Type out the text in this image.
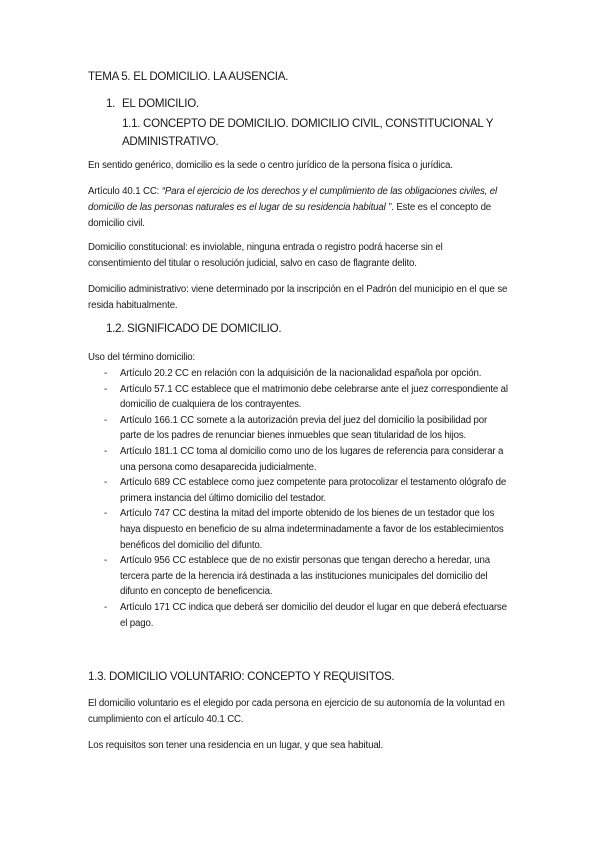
TEMA 5. EL DOMICILIO. LA AUSENCIA.

1. EL DOMICILIO.

1.1. CONCEPTO DE DOMICILIO. DOMICILIO CIVIL, CONSTITUCIONAL Y ADMINISTRATIVO.

En sentido genérico, domicilio es la sede o centro jurídico de la persona física o jurídica.

Artículo 40.1 CC: “Para el ejercicio de los derechos y el cumplimiento de las obligaciones civiles, el domicilio de las personas naturales es el lugar de su residencia habitual ”. Este es el concepto de domicilio civil.

Domicilio constitucional: es inviolable, ninguna entrada o registro podrá hacerse sin el consentimiento del titular o resolución judicial, salvo en caso de flagrante delito.

Domicilio administrativo: viene determinado por la inscripción en el Padrón del municipio en el que se resida habitualmente.

1.2. SIGNIFICADO DE DOMICILIO.

Uso del término domicilio:

- Artículo 20.2 CC en relación con la adquisición de la nacionalidad española por opción.
- Artículo 57.1 CC establece que el matrimonio debe celebrarse ante el juez correspondiente al domicilio de cualquiera de los contrayentes.
- Artículo 166.1 CC somete a la autorización previa del juez del domicilio la posibilidad por parte de los padres de renunciar bienes inmuebles que sean titularidad de los hijos.
- Artículo 181.1 CC toma al domicilio como uno de los lugares de referencia para considerar a una persona como desaparecida judicialmente.
- Artículo 689 CC establece como juez competente para protocolizar el testamento ológrafo de primera instancia del último domicilio del testador.
- Artículo 747 CC destina la mitad del importe obtenido de los bienes de un testador que los haya dispuesto en beneficio de su alma indeterminadamente a favor de los establecimientos benéficos del domicilio del difunto.
- Artículo 956 CC establece que de no existir personas que tengan derecho a heredar, una tercera parte de la herencia irá destinada a las instituciones municipales del domicilio del difunto en concepto de beneficencia.
- Artículo 171 CC indica que deberá ser domicilio del deudor el lugar en que deberá efectuarse el pago.

1.3. DOMICILIO VOLUNTARIO: CONCEPTO Y REQUISITOS.

El domicilio voluntario es el elegido por cada persona en ejercicio de su autonomía de la voluntad en cumplimiento con el artículo 40.1 CC.

Los requisitos son tener una residencia en un lugar, y que sea habitual.
